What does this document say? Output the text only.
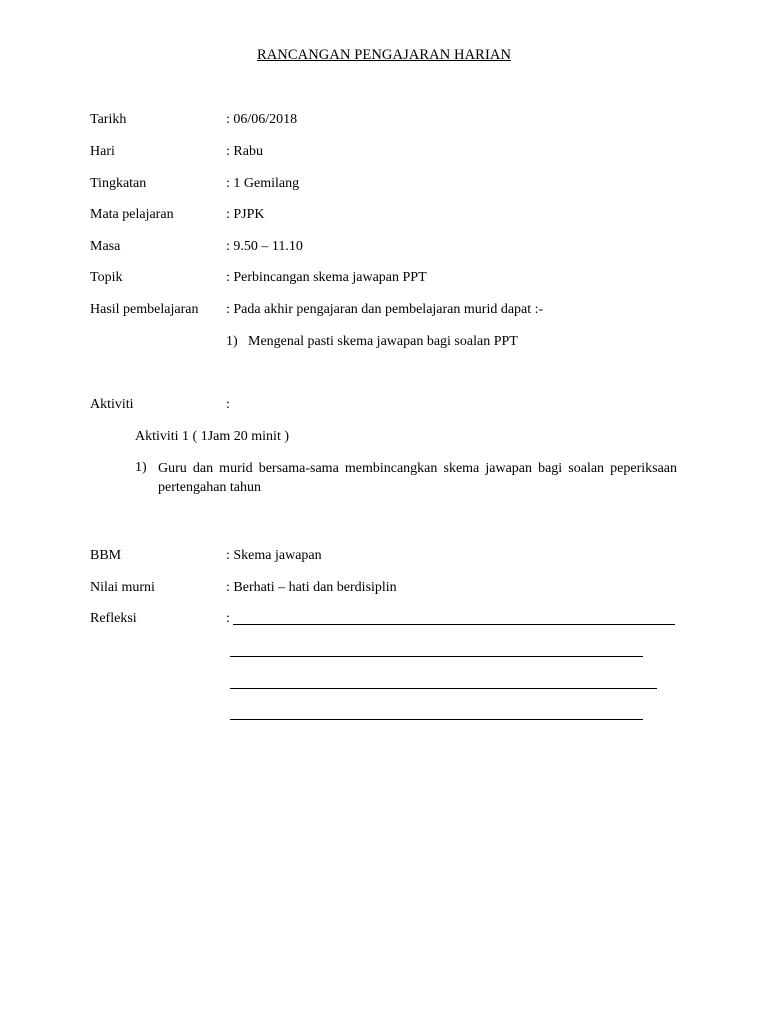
RANCANGAN PENGAJARAN HARIAN
Tarikh	: 06/06/2018
Hari	: Rabu
Tingkatan	: 1 Gemilang
Mata pelajaran	: PJPK
Masa	: 9.50 – 11.10
Topik	: Perbincangan skema jawapan PPT
Hasil pembelajaran : Pada akhir pengajaran dan pembelajaran murid dapat :-
1) Mengenal pasti skema jawapan bagi soalan PPT
Aktiviti	:
Aktiviti 1 ( 1Jam 20 minit )
1) Guru dan murid bersama-sama membincangkan skema jawapan bagi soalan peperiksaan pertengahan tahun
BBM	: Skema jawapan
Nilai murni	: Berhati – hati dan berdisiplin
Refleksi	:
